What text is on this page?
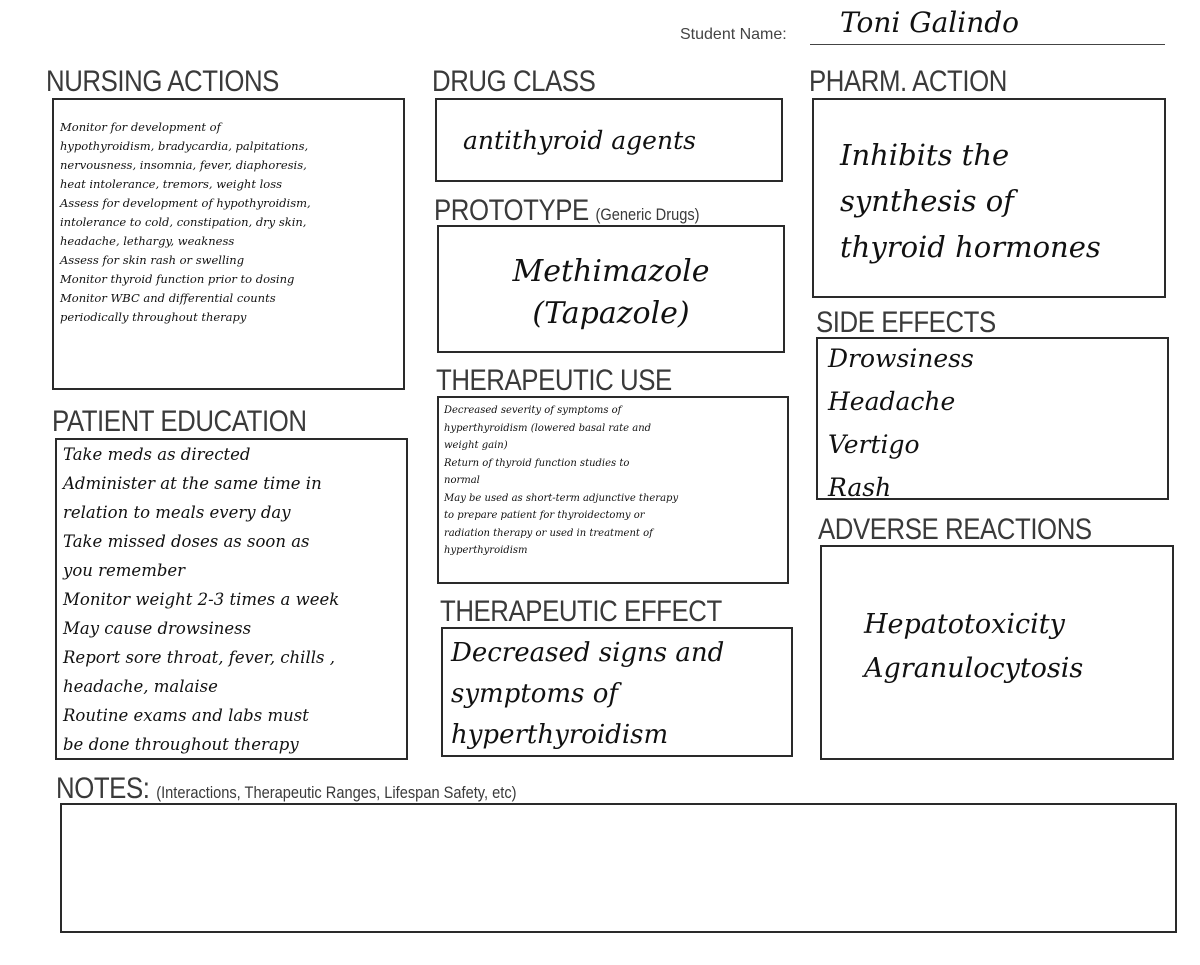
Student Name: Toni Galindo
NURSING ACTIONS
Monitor for development of
hypothyroidism, bradycardia, palpitations,
nervousness, insomnia, fever, diaphoresis,
heat intolerance, tremors, weight loss
Assess for development of hypothyroidism,
intolerance to cold, constipation, dry skin,
headache, lethargy, weakness
Assess for skin rash or swelling
Monitor thyroid function prior to dosing
Monitor WBC and differential counts
periodically throughout therapy
PATIENT EDUCATION
Take meds as directed
Administer at the same time in
relation to meals every day
Take missed doses as soon as
you remember
Monitor weight 2-3 times a week
May cause drowsiness
Report sore throat, fever, chills ,
headache, malaise
Routine exams and labs must
be done throughout therapy
DRUG CLASS
antithyroid agents
PROTOTYPE (Generic Drugs)
Methimazole
(Tapazole)
THERAPEUTIC USE
Decreased severity of symptoms of
hyperthyroidism (lowered basal rate and
weight gain)
Return of thyroid function studies to
normal
May be used as short-term adjunctive therapy
to prepare patient for thyroidectomy or
radiation therapy or used in treatment of
hyperthyroidism
THERAPEUTIC EFFECT
Decreased signs and
symptoms of
hyperthyroidism
PHARM. ACTION
Inhibits the
synthesis of
thyroid hormones
SIDE EFFECTS
Drowsiness
Headache
Vertigo
Rash
ADVERSE REACTIONS
Hepatotoxicity
Agranulocytosis
NOTES: (Interactions, Therapeutic Ranges, Lifespan Safety, etc)
